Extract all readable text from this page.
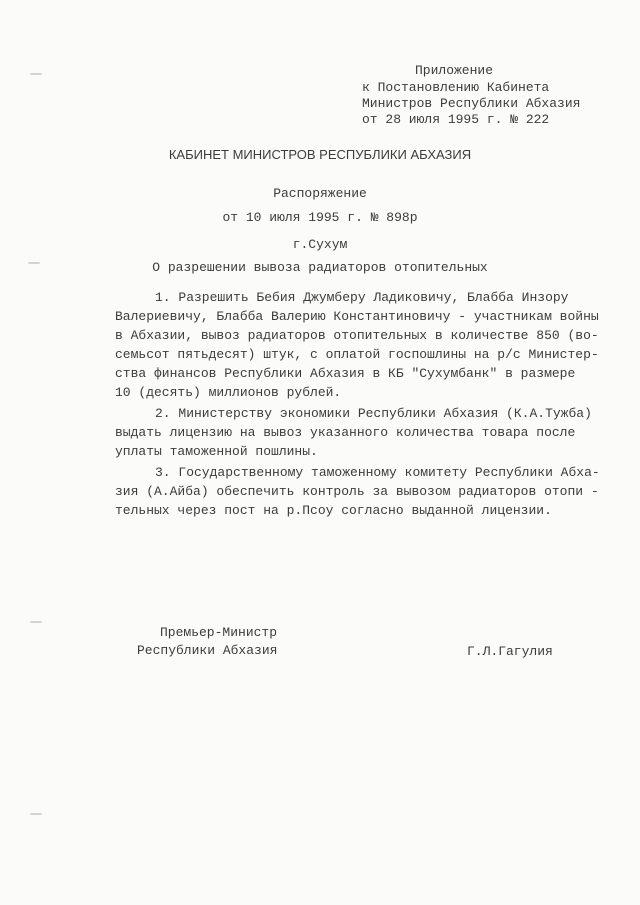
Приложение
к Постановлению Кабинета
Министров Республики Абхазия
от 28 июля 1995 г. № 222
КАБИНЕТ МИНИСТРОВ РЕСПУБЛИКИ АБХАЗИЯ
Распоряжение
от 10 июля 1995 г. № 898р
г.Сухум
О разрешении вывоза радиаторов отопительных
1. Разрешить Бебия Джумберу Ладиковичу, Блабба Инзору
Валериевичу, Блабба Валерию Константиновичу - участникам войны
в Абхазии, вывоз радиаторов отопительных в количестве 850 (во-
семьсот пятьдесят) штук, с оплатой госпошлины на р/с Министер-
ства финансов Республики Абхазия в КБ "Сухумбанк" в размере
10 (десять) миллионов рублей.
2. Министерству экономики Республики Абхазия (К.А.Тужба)
выдать лицензию на вывоз указанного количества товара после
уплаты таможенной пошлины.
3. Государственному таможенному комитету Республики Абха-
зия (А.Айба) обеспечить контроль за вывозом радиаторов отопи -
тельных через пост на р.Псоу согласно выданной лицензии.
Премьер-Министр
Республики Абхазия	Г.Л.Гагулия
